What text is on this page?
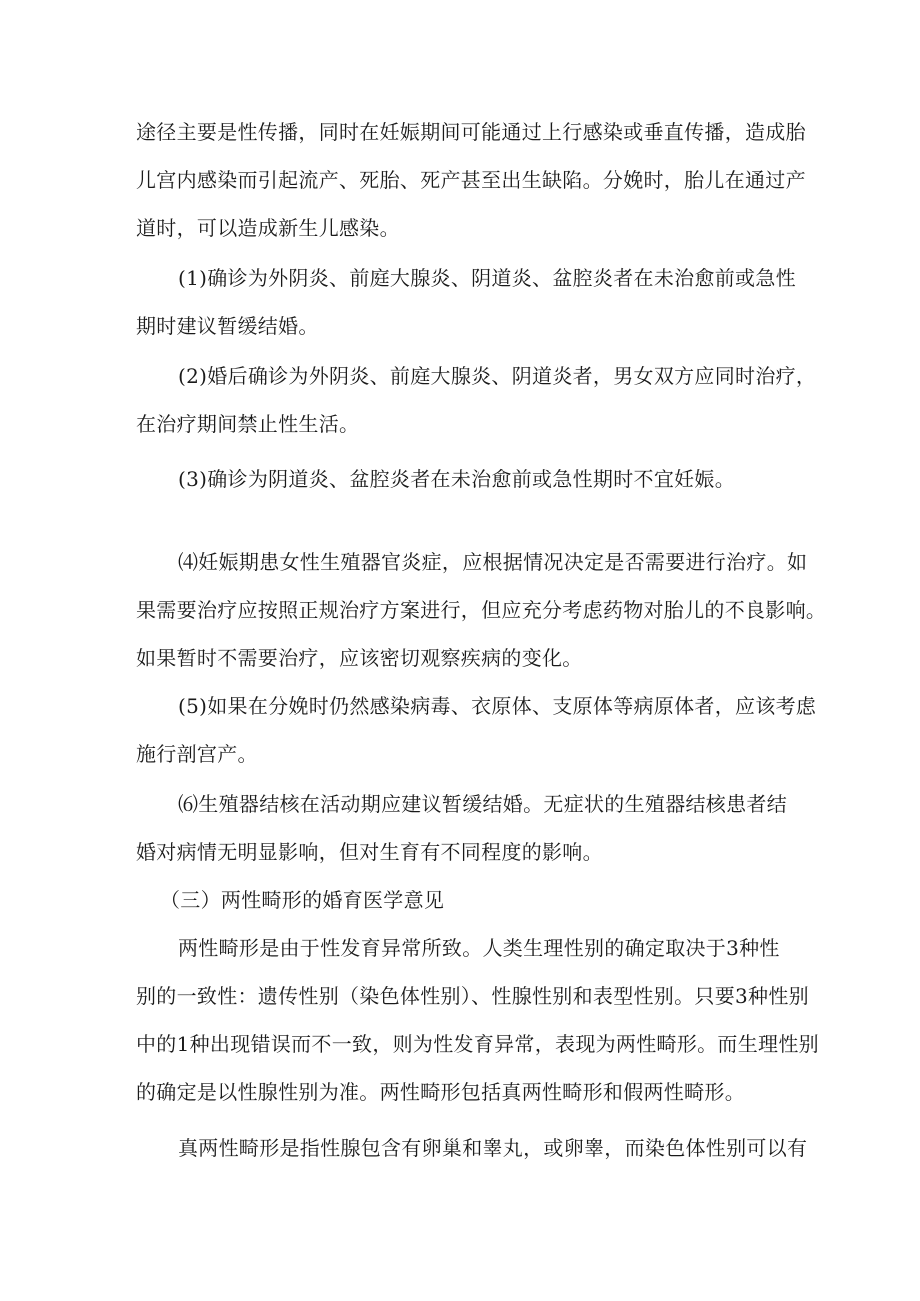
途径主要是性传播，同时在妊娠期间可能通过上行感染或垂直传播，造成胎
儿宫内感染而引起流产、死胎、死产甚至出生缺陷。分娩时，胎儿在通过产
道时，可以造成新生儿感染。
(1)确诊为外阴炎、前庭大腺炎、阴道炎、盆腔炎者在未治愈前或急性
期时建议暂缓结婚。
(2)婚后确诊为外阴炎、前庭大腺炎、阴道炎者，男女双方应同时治疗，
在治疗期间禁止性生活。
(3)确诊为阴道炎、盆腔炎者在未治愈前或急性期时不宜妊娠。
⑷妊娠期患女性生殖器官炎症，应根据情况决定是否需要进行治疗。如
果需要治疗应按照正规治疗方案进行，但应充分考虑药物对胎儿的不良影响。
如果暂时不需要治疗，应该密切观察疾病的变化。
(5)如果在分娩时仍然感染病毒、衣原体、支原体等病原体者，应该考虑
施行剖宫产。
⑹生殖器结核在活动期应建议暂缓结婚。无症状的生殖器结核患者结
婚对病情无明显影响，但对生育有不同程度的影响。
（三）两性畸形的婚育医学意见
两性畸形是由于性发育异常所致。人类生理性别的确定取决于3种性
别的一致性：遗传性别（染色体性别）、性腺性别和表型性别。只要3种性别
中的1种出现错误而不一致，则为性发育异常，表现为两性畸形。而生理性别
的确定是以性腺性别为准。两性畸形包括真两性畸形和假两性畸形。
真两性畸形是指性腺包含有卵巢和睾丸，或卵睾，而染色体性别可以有
